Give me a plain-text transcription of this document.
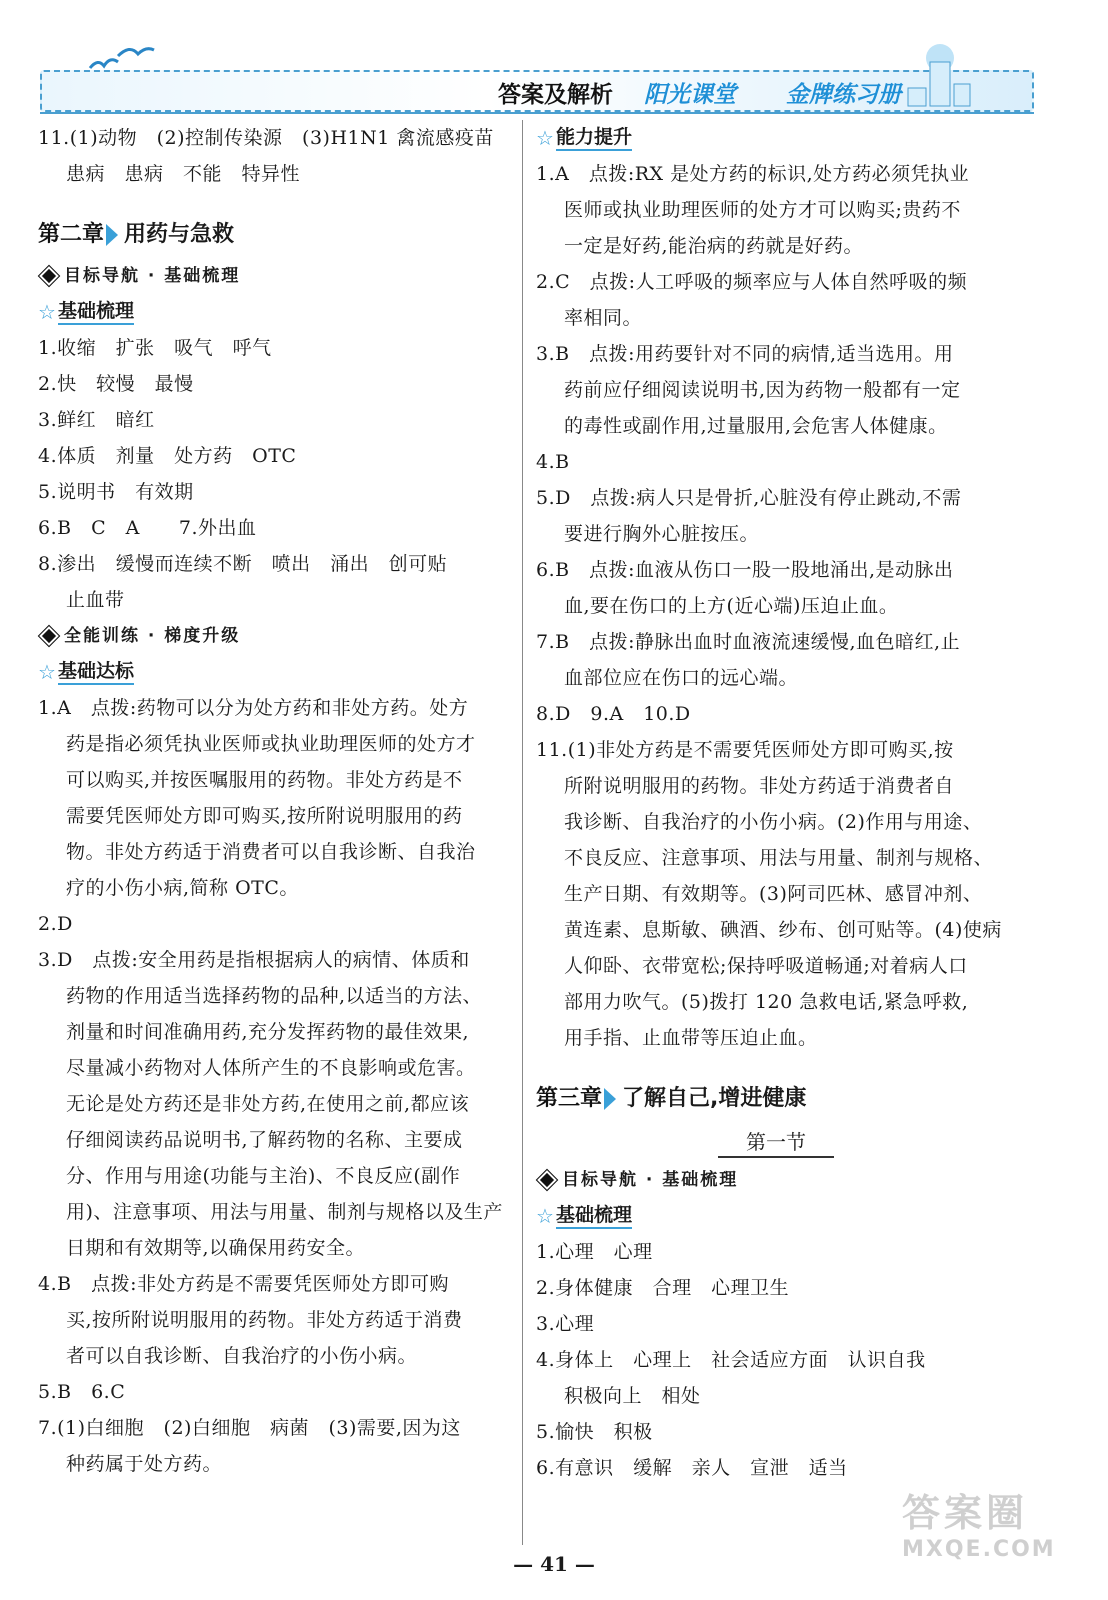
答案及解析 阳光课堂 金牌练习册
11.(1)动物　(2)控制传染源　(3)H1N1 禽流感疫苗
患病　患病　不能　特异性
第二章 用药与急救
目标导航 · 基础梳理
☆ 基础梳理
1.收缩　扩张　吸气　呼气
2.快　较慢　最慢
3.鲜红　暗红
4.体质　剂量　处方药　OTC
5.说明书　有效期
6.B　C　A　　7.外出血
8.渗出　缓慢而连续不断　喷出　涌出　创可贴
止血带
全能训练 · 梯度升级
☆ 基础达标
1.A　点拨:药物可以分为处方药和非处方药。处方
药是指必须凭执业医师或执业助理医师的处方才
可以购买,并按医嘱服用的药物。非处方药是不
需要凭医师处方即可购买,按所附说明服用的药
物。非处方药适于消费者可以自我诊断、自我治
疗的小伤小病,简称 OTC。
2.D
3.D　点拨:安全用药是指根据病人的病情、体质和
药物的作用适当选择药物的品种,以适当的方法、
剂量和时间准确用药,充分发挥药物的最佳效果,
尽量减小药物对人体所产生的不良影响或危害。
无论是处方药还是非处方药,在使用之前,都应该
仔细阅读药品说明书,了解药物的名称、主要成
分、作用与用途(功能与主治)、不良反应(副作
用)、注意事项、用法与用量、制剂与规格以及生产
日期和有效期等,以确保用药安全。
4.B　点拨:非处方药是不需要凭医师处方即可购
买,按所附说明服用的药物。非处方药适于消费
者可以自我诊断、自我治疗的小伤小病。
5.B　6.C
7.(1)白细胞　(2)白细胞　病菌　(3)需要,因为这
种药属于处方药。
☆ 能力提升
1.A　点拨:RX 是处方药的标识,处方药必须凭执业
医师或执业助理医师的处方才可以购买;贵药不
一定是好药,能治病的药就是好药。
2.C　点拨:人工呼吸的频率应与人体自然呼吸的频
率相同。
3.B　点拨:用药要针对不同的病情,适当选用。用
药前应仔细阅读说明书,因为药物一般都有一定
的毒性或副作用,过量服用,会危害人体健康。
4.B
5.D　点拨:病人只是骨折,心脏没有停止跳动,不需
要进行胸外心脏按压。
6.B　点拨:血液从伤口一股一股地涌出,是动脉出
血,要在伤口的上方(近心端)压迫止血。
7.B　点拨:静脉出血时血液流速缓慢,血色暗红,止
血部位应在伤口的远心端。
8.D　9.A　10.D
11.(1)非处方药是不需要凭医师处方即可购买,按
所附说明服用的药物。非处方药适于消费者自
我诊断、自我治疗的小伤小病。(2)作用与用途、
不良反应、注意事项、用法与用量、制剂与规格、
生产日期、有效期等。(3)阿司匹林、感冒冲剂、
黄连素、息斯敏、碘酒、纱布、创可贴等。(4)使病
人仰卧、衣带宽松;保持呼吸道畅通;对着病人口
部用力吹气。(5)拨打 120 急救电话,紧急呼救,
用手指、止血带等压迫止血。
第三章 了解自己,增进健康
第一节
目标导航 · 基础梳理
☆ 基础梳理
1.心理　心理
2.身体健康　合理　心理卫生
3.心理
4.身体上　心理上　社会适应方面　认识自我
积极向上　相处
5.愉快　积极
6.有意识　缓解　亲人　宣泄　适当
— 41 —
答案圈
MXQE.COM
